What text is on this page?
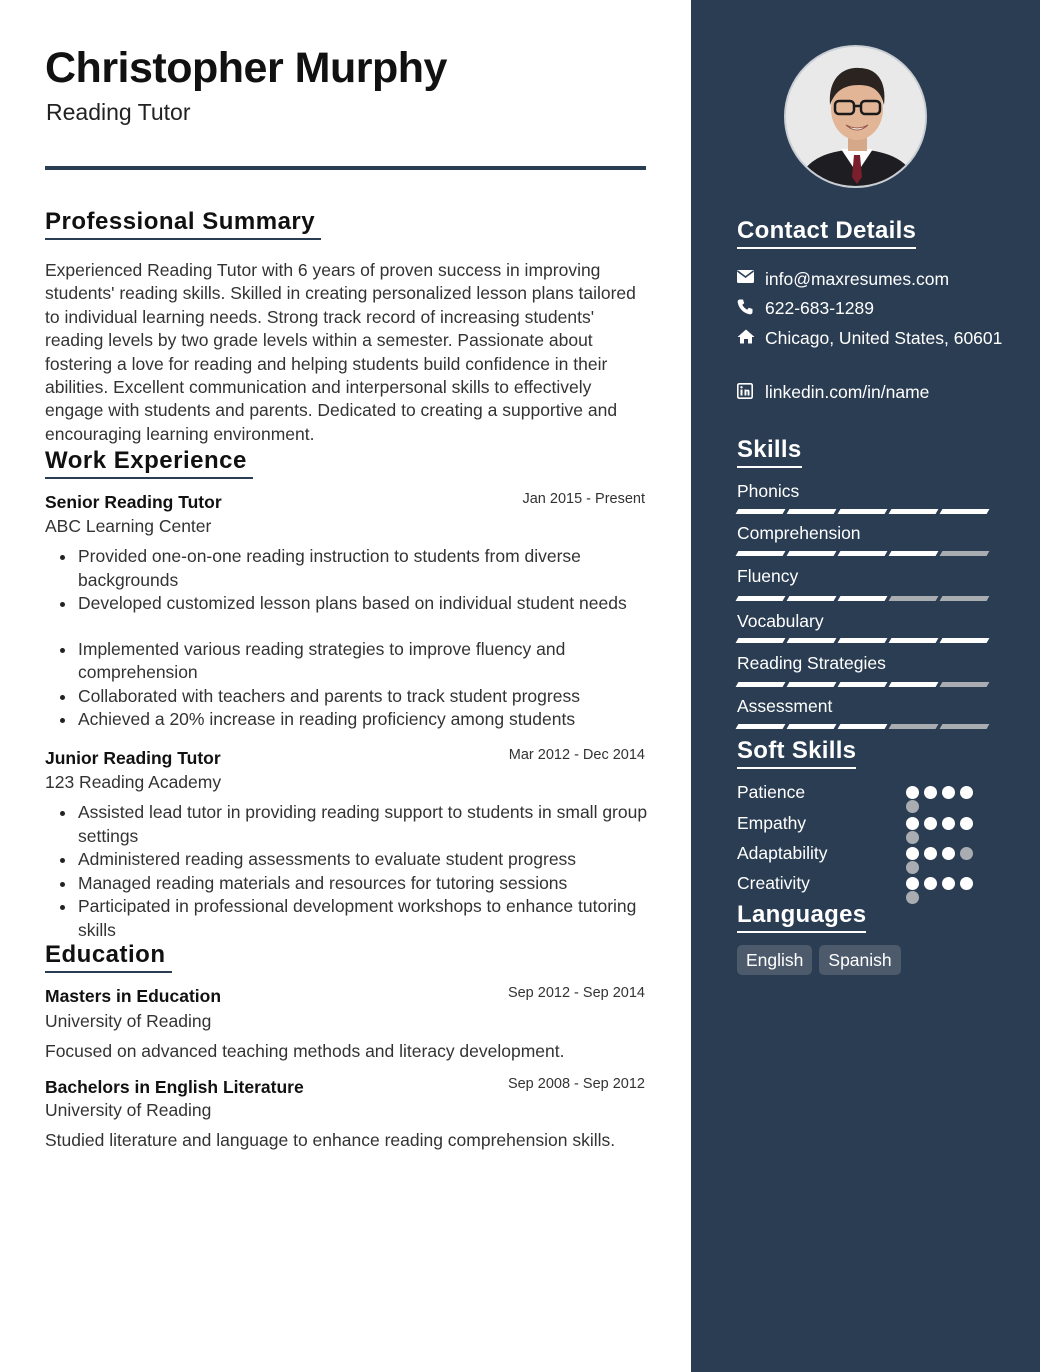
Christopher Murphy
Reading Tutor
Professional Summary
Experienced Reading Tutor with 6 years of proven success in improving students' reading skills. Skilled in creating personalized lesson plans tailored to individual learning needs. Strong track record of increasing students' reading levels by two grade levels within a semester. Passionate about fostering a love for reading and helping students build confidence in their abilities. Excellent communication and interpersonal skills to effectively engage with students and parents. Dedicated to creating a supportive and encouraging learning environment.
Work Experience
Senior Reading Tutor	Jan 2015 - Present
ABC Learning Center
Provided one-on-one reading instruction to students from diverse backgrounds
Developed customized lesson plans based on individual student needs
Implemented various reading strategies to improve fluency and comprehension
Collaborated with teachers and parents to track student progress
Achieved a 20% increase in reading proficiency among students
Junior Reading Tutor	Mar 2012 - Dec 2014
123 Reading Academy
Assisted lead tutor in providing reading support to students in small group settings
Administered reading assessments to evaluate student progress
Managed reading materials and resources for tutoring sessions
Participated in professional development workshops to enhance tutoring skills
Education
Masters in Education	Sep 2012 - Sep 2014
University of Reading
Focused on advanced teaching methods and literacy development.
Bachelors in English Literature	Sep 2008 - Sep 2012
University of Reading
Studied literature and language to enhance reading comprehension skills.
Contact Details
info@maxresumes.com
622-683-1289
Chicago, United States, 60601
linkedin.com/in/name
Skills
Phonics
Comprehension
Fluency
Vocabulary
Reading Strategies
Assessment
Soft Skills
Patience
Empathy
Adaptability
Creativity
Languages
English	Spanish
